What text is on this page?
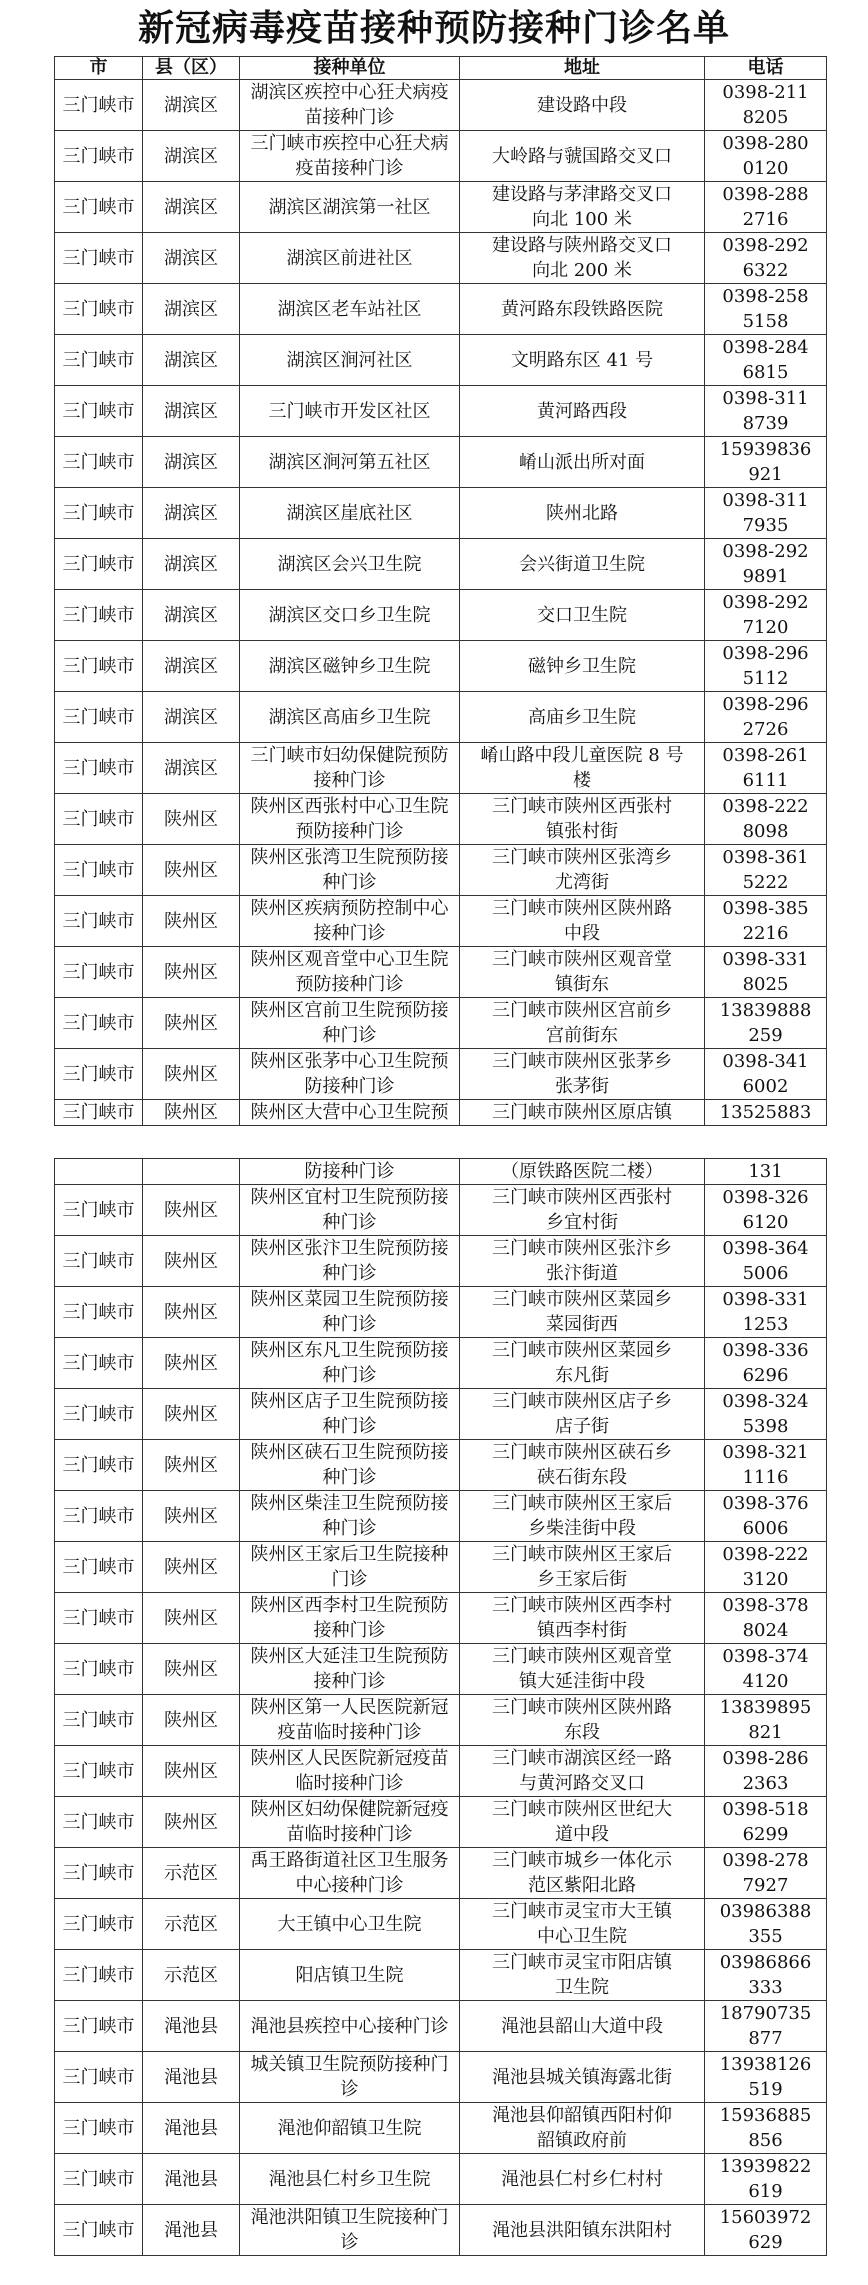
新冠病毒疫苗接种预防接种门诊名单
市	县（区）	接种单位	地址	电话
三门峡市	湖滨区	湖滨区疾控中心狂犬病疫
苗接种门诊	建设路中段	0398-211
8205
三门峡市	湖滨区	三门峡市疾控中心狂犬病
疫苗接种门诊	大岭路与虢国路交叉口	0398-280
0120
三门峡市	湖滨区	湖滨区湖滨第一社区	建设路与茅津路交叉口
向北 100 米	0398-288
2716
三门峡市	湖滨区	湖滨区前进社区	建设路与陕州路交叉口
向北 200 米	0398-292
6322
三门峡市	湖滨区	湖滨区老车站社区	黄河路东段铁路医院	0398-258
5158
三门峡市	湖滨区	湖滨区涧河社区	文明路东区 41 号	0398-284
6815
三门峡市	湖滨区	三门峡市开发区社区	黄河路西段	0398-311
8739
三门峡市	湖滨区	湖滨区涧河第五社区	崤山派出所对面	15939836
921
三门峡市	湖滨区	湖滨区崖底社区	陕州北路	0398-311
7935
三门峡市	湖滨区	湖滨区会兴卫生院	会兴街道卫生院	0398-292
9891
三门峡市	湖滨区	湖滨区交口乡卫生院	交口卫生院	0398-292
7120
三门峡市	湖滨区	湖滨区磁钟乡卫生院	磁钟乡卫生院	0398-296
5112
三门峡市	湖滨区	湖滨区高庙乡卫生院	高庙乡卫生院	0398-296
2726
三门峡市	湖滨区	三门峡市妇幼保健院预防
接种门诊	崤山路中段儿童医院 8 号
楼	0398-261
6111
三门峡市	陕州区	陕州区西张村中心卫生院
预防接种门诊	三门峡市陕州区西张村
镇张村街	0398-222
8098
三门峡市	陕州区	陕州区张湾卫生院预防接
种门诊	三门峡市陕州区张湾乡
尤湾街	0398-361
5222
三门峡市	陕州区	陕州区疾病预防控制中心
接种门诊	三门峡市陕州区陕州路
中段	0398-385
2216
三门峡市	陕州区	陕州区观音堂中心卫生院
预防接种门诊	三门峡市陕州区观音堂
镇街东	0398-331
8025
三门峡市	陕州区	陕州区宫前卫生院预防接
种门诊	三门峡市陕州区宫前乡
宫前街东	13839888
259
三门峡市	陕州区	陕州区张茅中心卫生院预
防接种门诊	三门峡市陕州区张茅乡
张茅街	0398-341
6002
三门峡市	陕州区	陕州区大营中心卫生院预	三门峡市陕州区原店镇	13525883
		防接种门诊	（原铁路医院二楼）	131
三门峡市	陕州区	陕州区宜村卫生院预防接
种门诊	三门峡市陕州区西张村
乡宜村街	0398-326
6120
三门峡市	陕州区	陕州区张汴卫生院预防接
种门诊	三门峡市陕州区张汴乡
张汴街道	0398-364
5006
三门峡市	陕州区	陕州区菜园卫生院预防接
种门诊	三门峡市陕州区菜园乡
菜园街西	0398-331
1253
三门峡市	陕州区	陕州区东凡卫生院预防接
种门诊	三门峡市陕州区菜园乡
东凡街	0398-336
6296
三门峡市	陕州区	陕州区店子卫生院预防接
种门诊	三门峡市陕州区店子乡
店子街	0398-324
5398
三门峡市	陕州区	陕州区硖石卫生院预防接
种门诊	三门峡市陕州区硖石乡
硖石街东段	0398-321
1116
三门峡市	陕州区	陕州区柴洼卫生院预防接
种门诊	三门峡市陕州区王家后
乡柴洼街中段	0398-376
6006
三门峡市	陕州区	陕州区王家后卫生院接种
门诊	三门峡市陕州区王家后
乡王家后街	0398-222
3120
三门峡市	陕州区	陕州区西李村卫生院预防
接种门诊	三门峡市陕州区西李村
镇西李村街	0398-378
8024
三门峡市	陕州区	陕州区大延洼卫生院预防
接种门诊	三门峡市陕州区观音堂
镇大延洼街中段	0398-374
4120
三门峡市	陕州区	陕州区第一人民医院新冠
疫苗临时接种门诊	三门峡市陕州区陕州路
东段	13839895
821
三门峡市	陕州区	陕州区人民医院新冠疫苗
临时接种门诊	三门峡市湖滨区经一路
与黄河路交叉口	0398-286
2363
三门峡市	陕州区	陕州区妇幼保健院新冠疫
苗临时接种门诊	三门峡市陕州区世纪大
道中段	0398-518
6299
三门峡市	示范区	禹王路街道社区卫生服务
中心接种门诊	三门峡市城乡一体化示
范区紫阳北路	0398-278
7927
三门峡市	示范区	大王镇中心卫生院	三门峡市灵宝市大王镇
中心卫生院	03986388
355
三门峡市	示范区	阳店镇卫生院	三门峡市灵宝市阳店镇
卫生院	03986866
333
三门峡市	渑池县	渑池县疾控中心接种门诊	渑池县韶山大道中段	18790735
877
三门峡市	渑池县	城关镇卫生院预防接种门
诊	渑池县城关镇海露北街	13938126
519
三门峡市	渑池县	渑池仰韶镇卫生院	渑池县仰韶镇西阳村仰
韶镇政府前	15936885
856
三门峡市	渑池县	渑池县仁村乡卫生院	渑池县仁村乡仁村村	13939822
619
三门峡市	渑池县	渑池洪阳镇卫生院接种门
诊	渑池县洪阳镇东洪阳村	15603972
629
